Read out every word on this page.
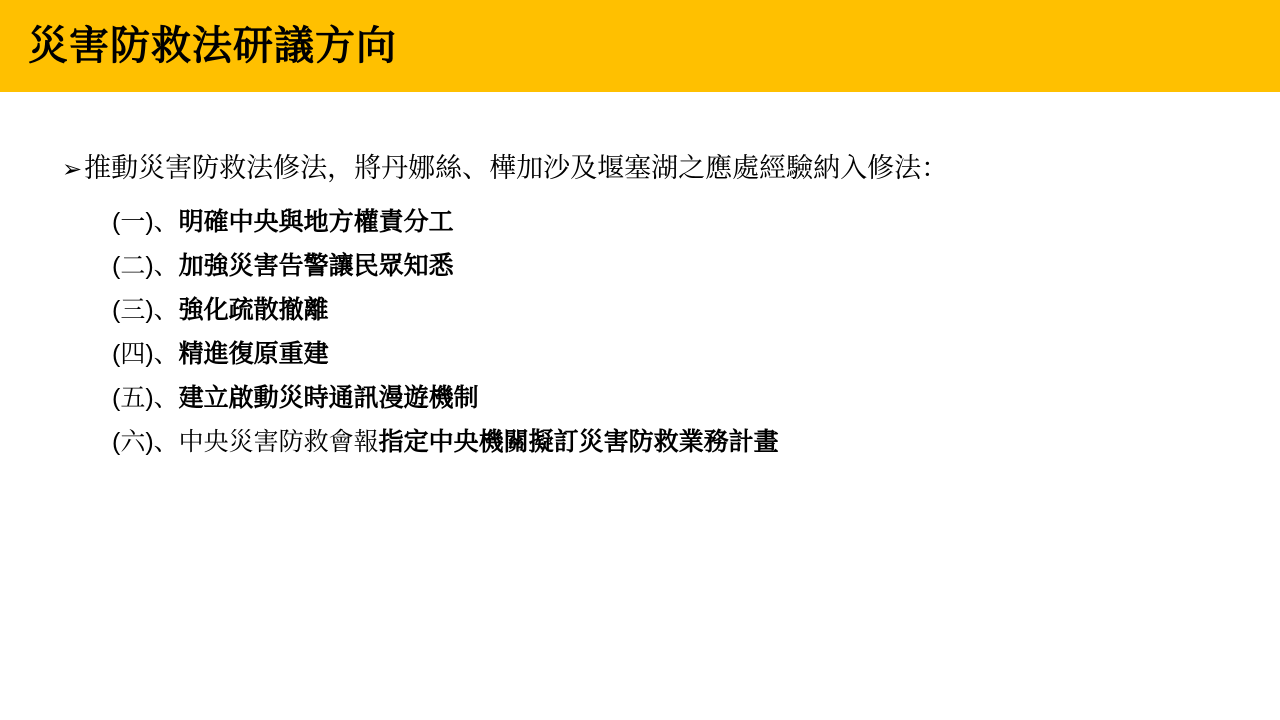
災害防救法研議方向
➢ 推動災害防救法修法，將丹娜絲、樺加沙及堰塞湖之應處經驗納入修法：
(一)、明確中央與地方權責分工
(二)、加強災害告警讓民眾知悉
(三)、強化疏散撤離
(四)、精進復原重建
(五)、建立啟動災時通訊漫遊機制
(六)、中央災害防救會報指定中央機關擬訂災害防救業務計畫
